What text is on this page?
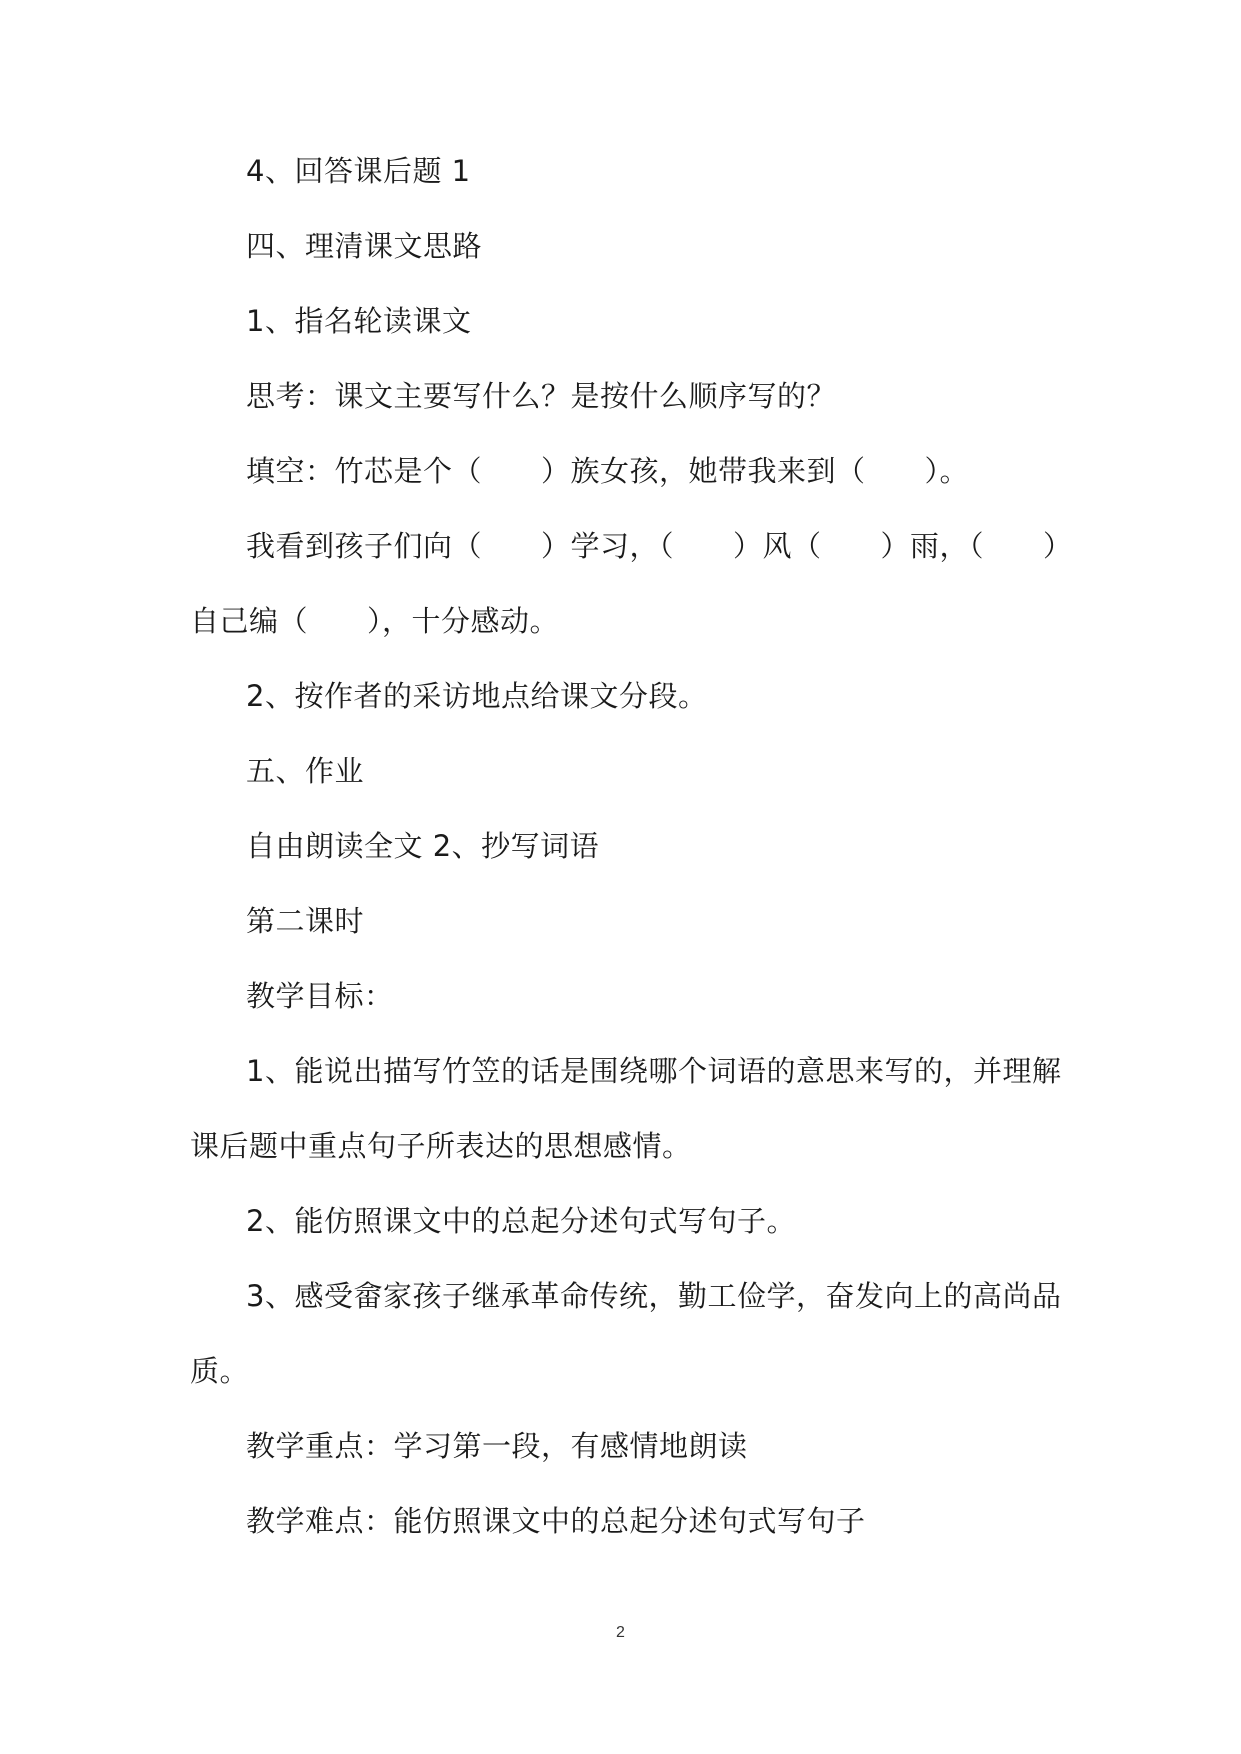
4、回答课后题 1
四、理清课文思路
1、指名轮读课文
思考：课文主要写什么？是按什么顺序写的？
填空：竹芯是个（　　）族女孩，她带我来到（　　）。
我看到孩子们向（　　）学习，（　　）风（　　）雨，（　　）
自己编（　　），十分感动。
2、按作者的采访地点给课文分段。
五、作业
自由朗读全文 2、抄写词语
第二课时
教学目标：
1、能说出描写竹笠的话是围绕哪个词语的意思来写的，并理解
课后题中重点句子所表达的思想感情。
2、能仿照课文中的总起分述句式写句子。
3、感受畲家孩子继承革命传统，勤工俭学，奋发向上的高尚品
质。
教学重点：学习第一段，有感情地朗读
教学难点：能仿照课文中的总起分述句式写句子
2
